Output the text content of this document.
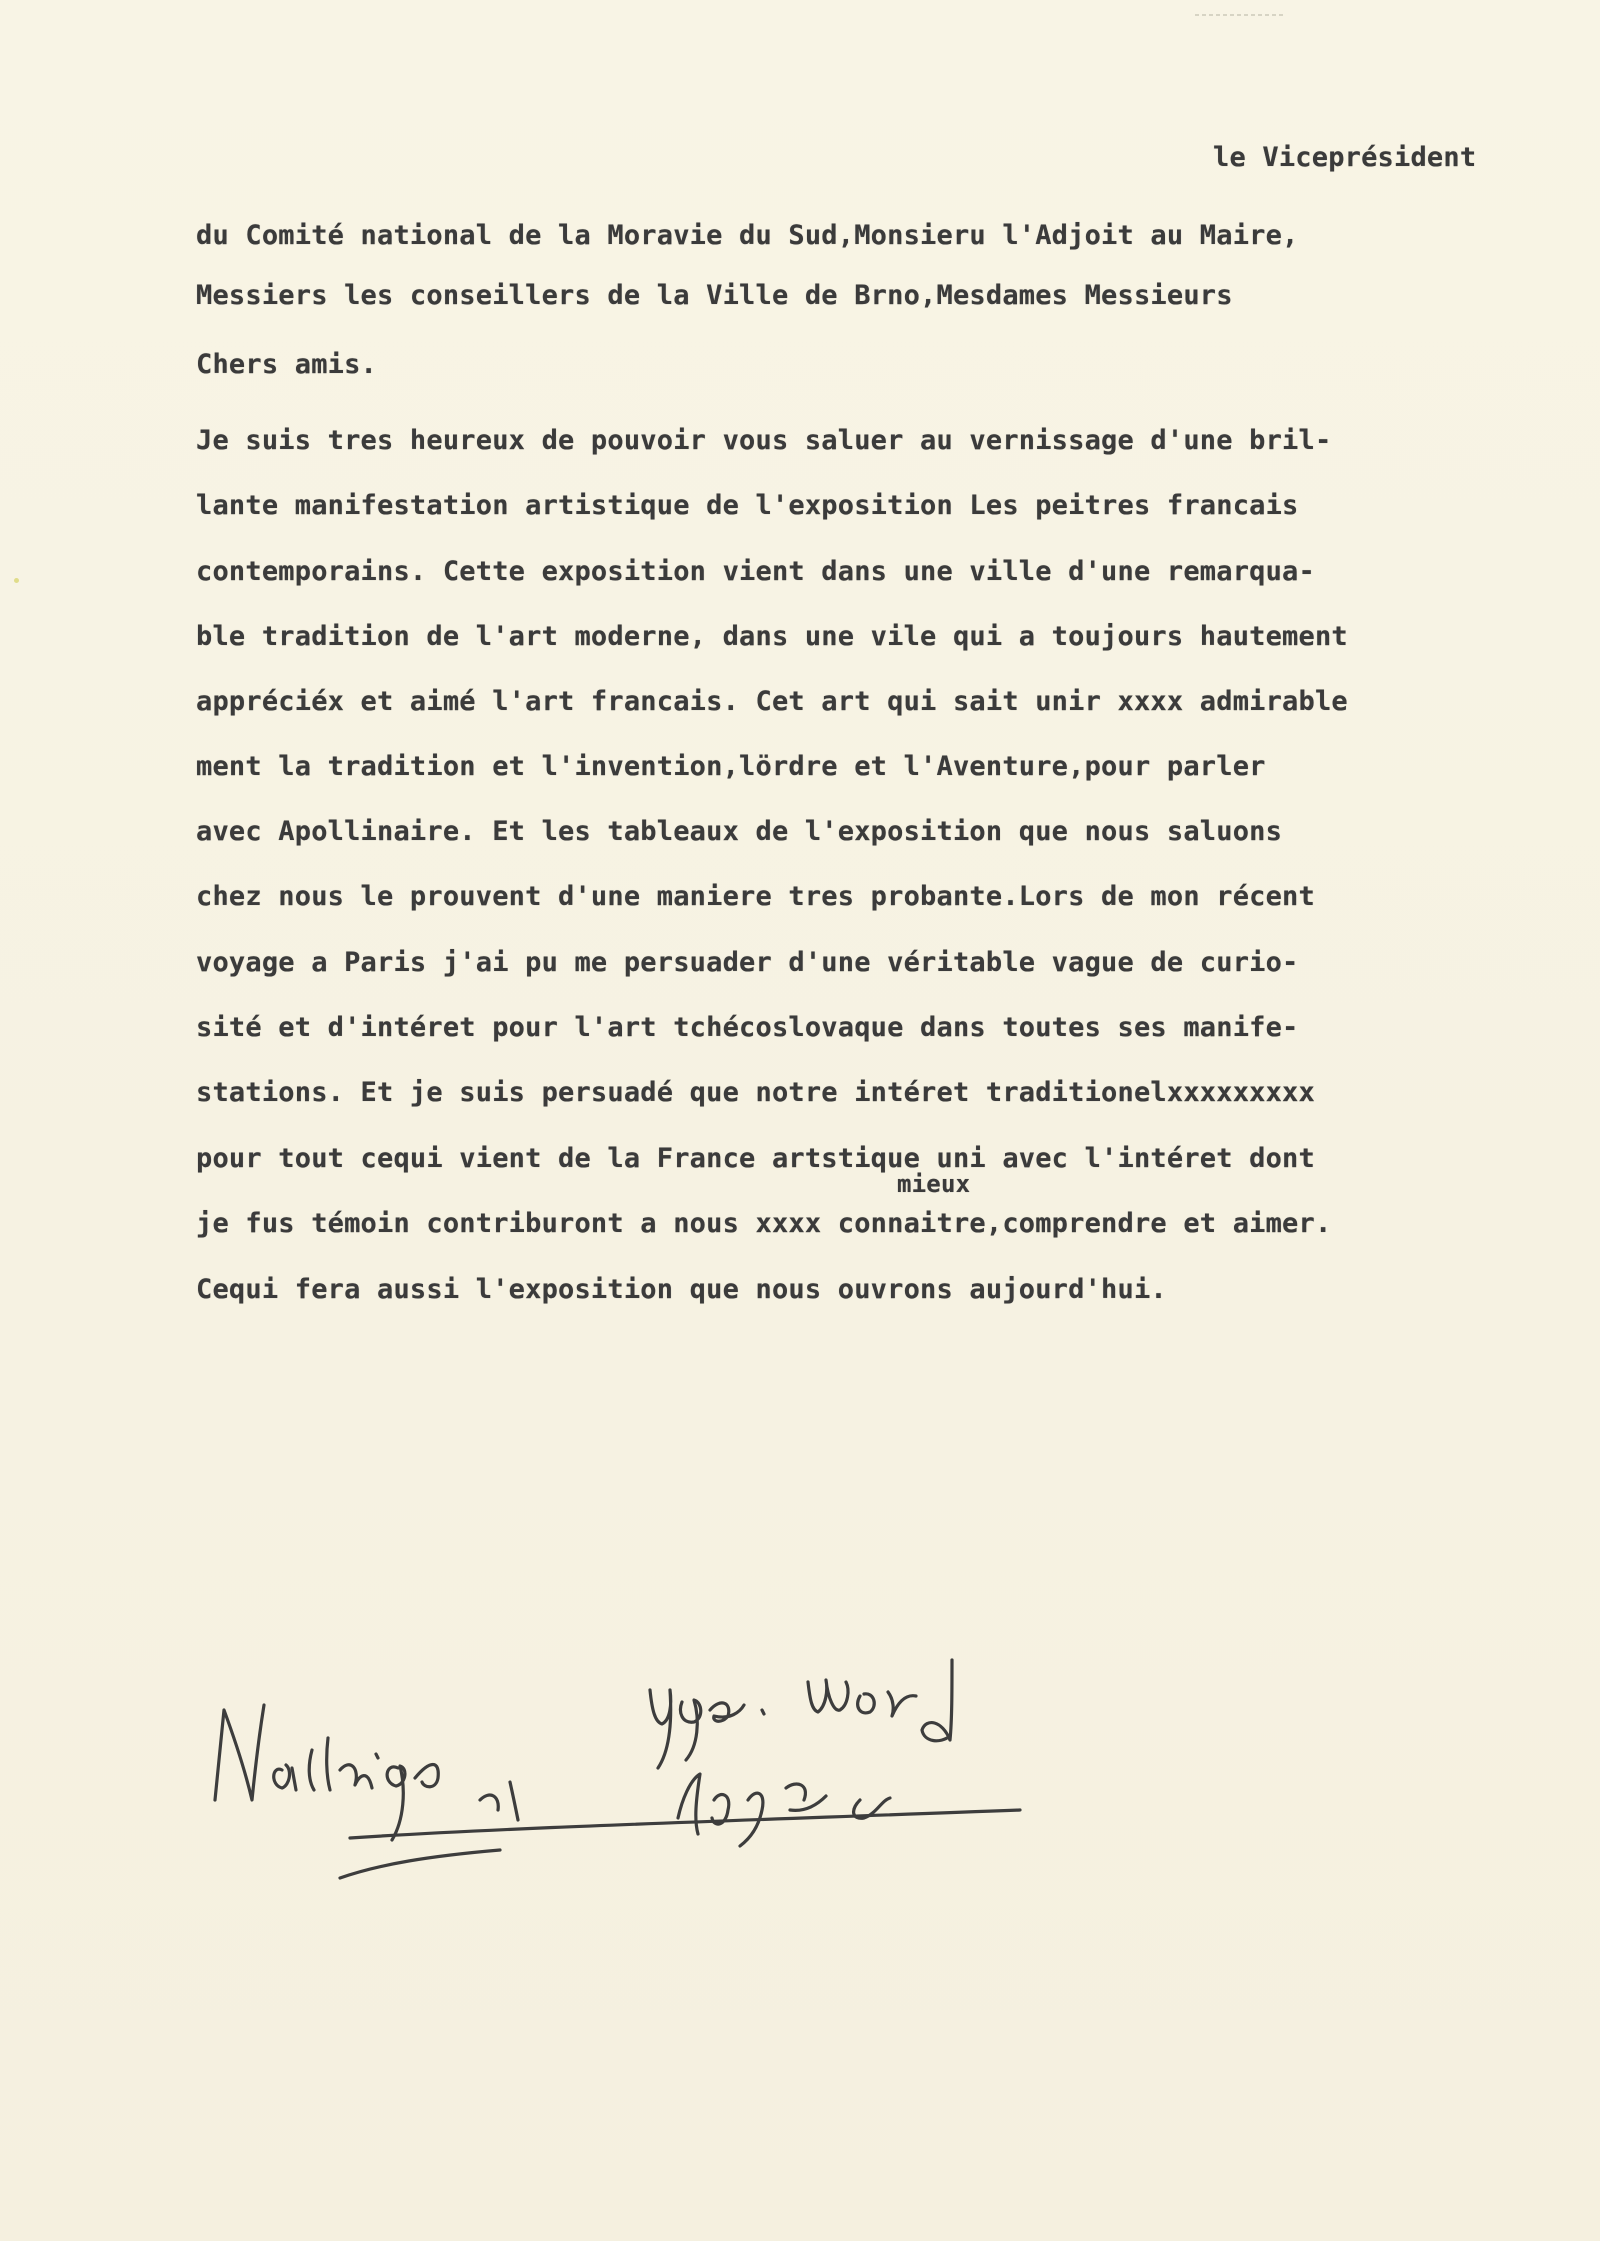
le Viceprésident
du Comité national de la Moravie du Sud,Monsieru l'Adjoit au Maire,
Messiers les conseillers de la Ville de Brno,Mesdames Messieurs
Chers amis.
Je suis tres heureux de pouvoir vous saluer au vernissage d'une bril-
lante manifestation artistique de l'exposition Les peitres francais
contemporains. Cette exposition vient dans une ville d'une remarqua-
ble tradition de l'art moderne, dans une vile qui a toujours hautement
appréciéx et aimé l'art francais. Cet art qui sait unir xxxx admirable
ment la tradition et l'invention,lördre et l'Aventure,pour parler
avec Apollinaire. Et les tableaux de l'exposition que nous saluons
chez nous le prouvent d'une maniere tres probante.Lors de mon récent
voyage a Paris j'ai pu me persuader d'une véritable vague de curio-
sité et d'intéret pour l'art tchécoslovaque dans toutes ses manife-
stations. Et je suis persuadé que notre intéret traditionelxxxxxxxxx
pour tout cequi vient de la France artstique uni avec l'intéret dont
mieux
je fus témoin contriburont a nous xxxx connaitre,comprendre et aimer.
Cequi fera aussi l'exposition que nous ouvrons aujourd'hui.
